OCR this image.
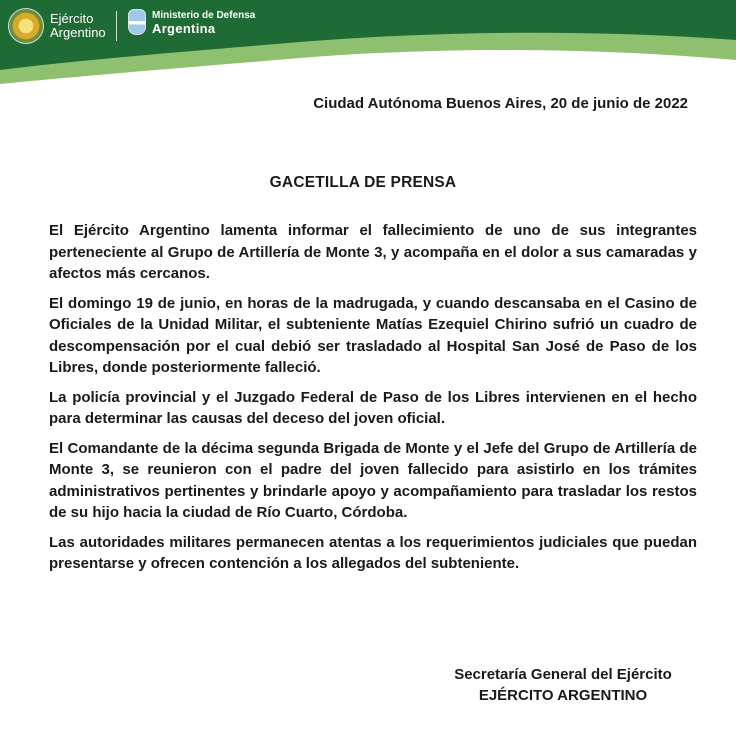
Ejército
Argentino
Ministerio de Defensa
Argentina
Ciudad Autónoma Buenos Aires, 20 de junio de 2022
GACETILLA DE PRENSA

El Ejército Argentino lamenta informar el fallecimiento de uno de sus integrantes perteneciente al Grupo de Artillería de Monte 3, y acompaña en el dolor a sus camaradas y afectos más cercanos.

El domingo 19 de junio, en horas de la madrugada, y cuando descansaba en el Casino de Oficiales de la Unidad Militar, el subteniente Matías Ezequiel Chirino sufrió un cuadro de descompensación por el cual debió ser trasladado al Hospital San José de Paso de los Libres, donde posteriormente falleció.

La policía provincial y el Juzgado Federal de Paso de los Libres intervienen en el hecho para determinar las causas del deceso del joven oficial.

El Comandante de la décima segunda Brigada de Monte y el Jefe del Grupo de Artillería de Monte 3, se reunieron con el padre del joven fallecido para asistirlo en los trámites administrativos pertinentes y brindarle apoyo y acompañamiento para trasladar los restos de su hijo hacia la ciudad de Río Cuarto, Córdoba.

Las autoridades militares permanecen atentas a los requerimientos judiciales que puedan presentarse y ofrecen contención a los allegados del subteniente.

Secretaría General del Ejército
EJÉRCITO ARGENTINO
